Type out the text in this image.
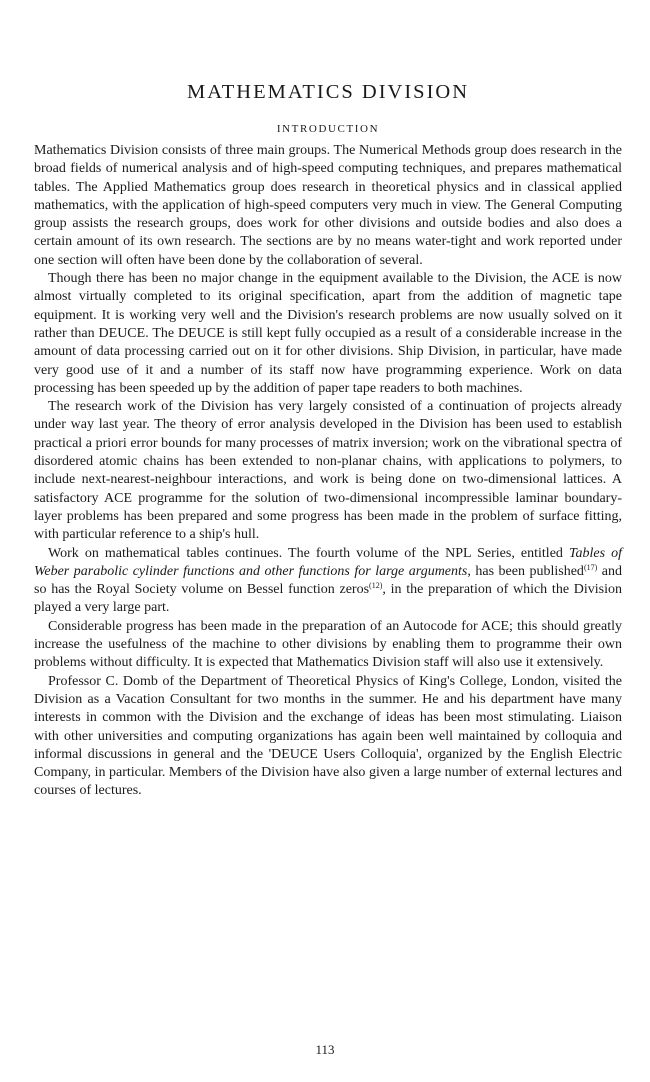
MATHEMATICS DIVISION
INTRODUCTION

Mathematics Division consists of three main groups. The Numerical Methods group does research in the broad fields of numerical analysis and of high-speed computing techniques, and prepares mathematical tables. The Applied Mathematics group does research in theoretical physics and in classical applied mathematics, with the application of high-speed computers very much in view. The General Computing group assists the research groups, does work for other divisions and outside bodies and also does a certain amount of its own research. The sections are by no means water-tight and work reported under one section will often have been done by the collaboration of several.

Though there has been no major change in the equipment available to the Division, the ACE is now almost virtually completed to its original specification, apart from the addition of magnetic tape equipment. It is working very well and the Division's research problems are now usually solved on it rather than DEUCE. The DEUCE is still kept fully occupied as a result of a considerable increase in the amount of data processing carried out on it for other divisions. Ship Division, in particular, have made very good use of it and a number of its staff now have programming experience. Work on data processing has been speeded up by the addition of paper tape readers to both machines.

The research work of the Division has very largely consisted of a continuation of projects already under way last year. The theory of error analysis developed in the Division has been used to establish practical a priori error bounds for many processes of matrix inversion; work on the vibrational spectra of disordered atomic chains has been extended to non-planar chains, with applications to polymers, to include next-nearest-neighbour interactions, and work is being done on two-dimensional lattices. A satisfactory ACE programme for the solution of two-dimensional incompressible laminar boundary-layer problems has been prepared and some progress has been made in the problem of surface fitting, with particular reference to a ship's hull.

Work on mathematical tables continues. The fourth volume of the NPL Series, entitled Tables of Weber parabolic cylinder functions and other functions for large arguments, has been published$^{(17)}$ and so has the Royal Society volume on Bessel function zeros$^{(12)}$, in the preparation of which the Division played a very large part.

Considerable progress has been made in the preparation of an Autocode for ACE; this should greatly increase the usefulness of the machine to other divisions by enabling them to programme their own problems without difficulty. It is expected that Mathematics Division staff will also use it extensively.

Professor C. Domb of the Department of Theoretical Physics of King's College, London, visited the Division as a Vacation Consultant for two months in the summer. He and his department have many interests in common with the Division and the exchange of ideas has been most stimulating. Liaison with other universities and computing organizations has again been well maintained by colloquia and informal discussions in general and the 'DEUCE Users Colloquia', organized by the English Electric Company, in particular. Members of the Division have also given a large number of external lectures and courses of lectures.

113
